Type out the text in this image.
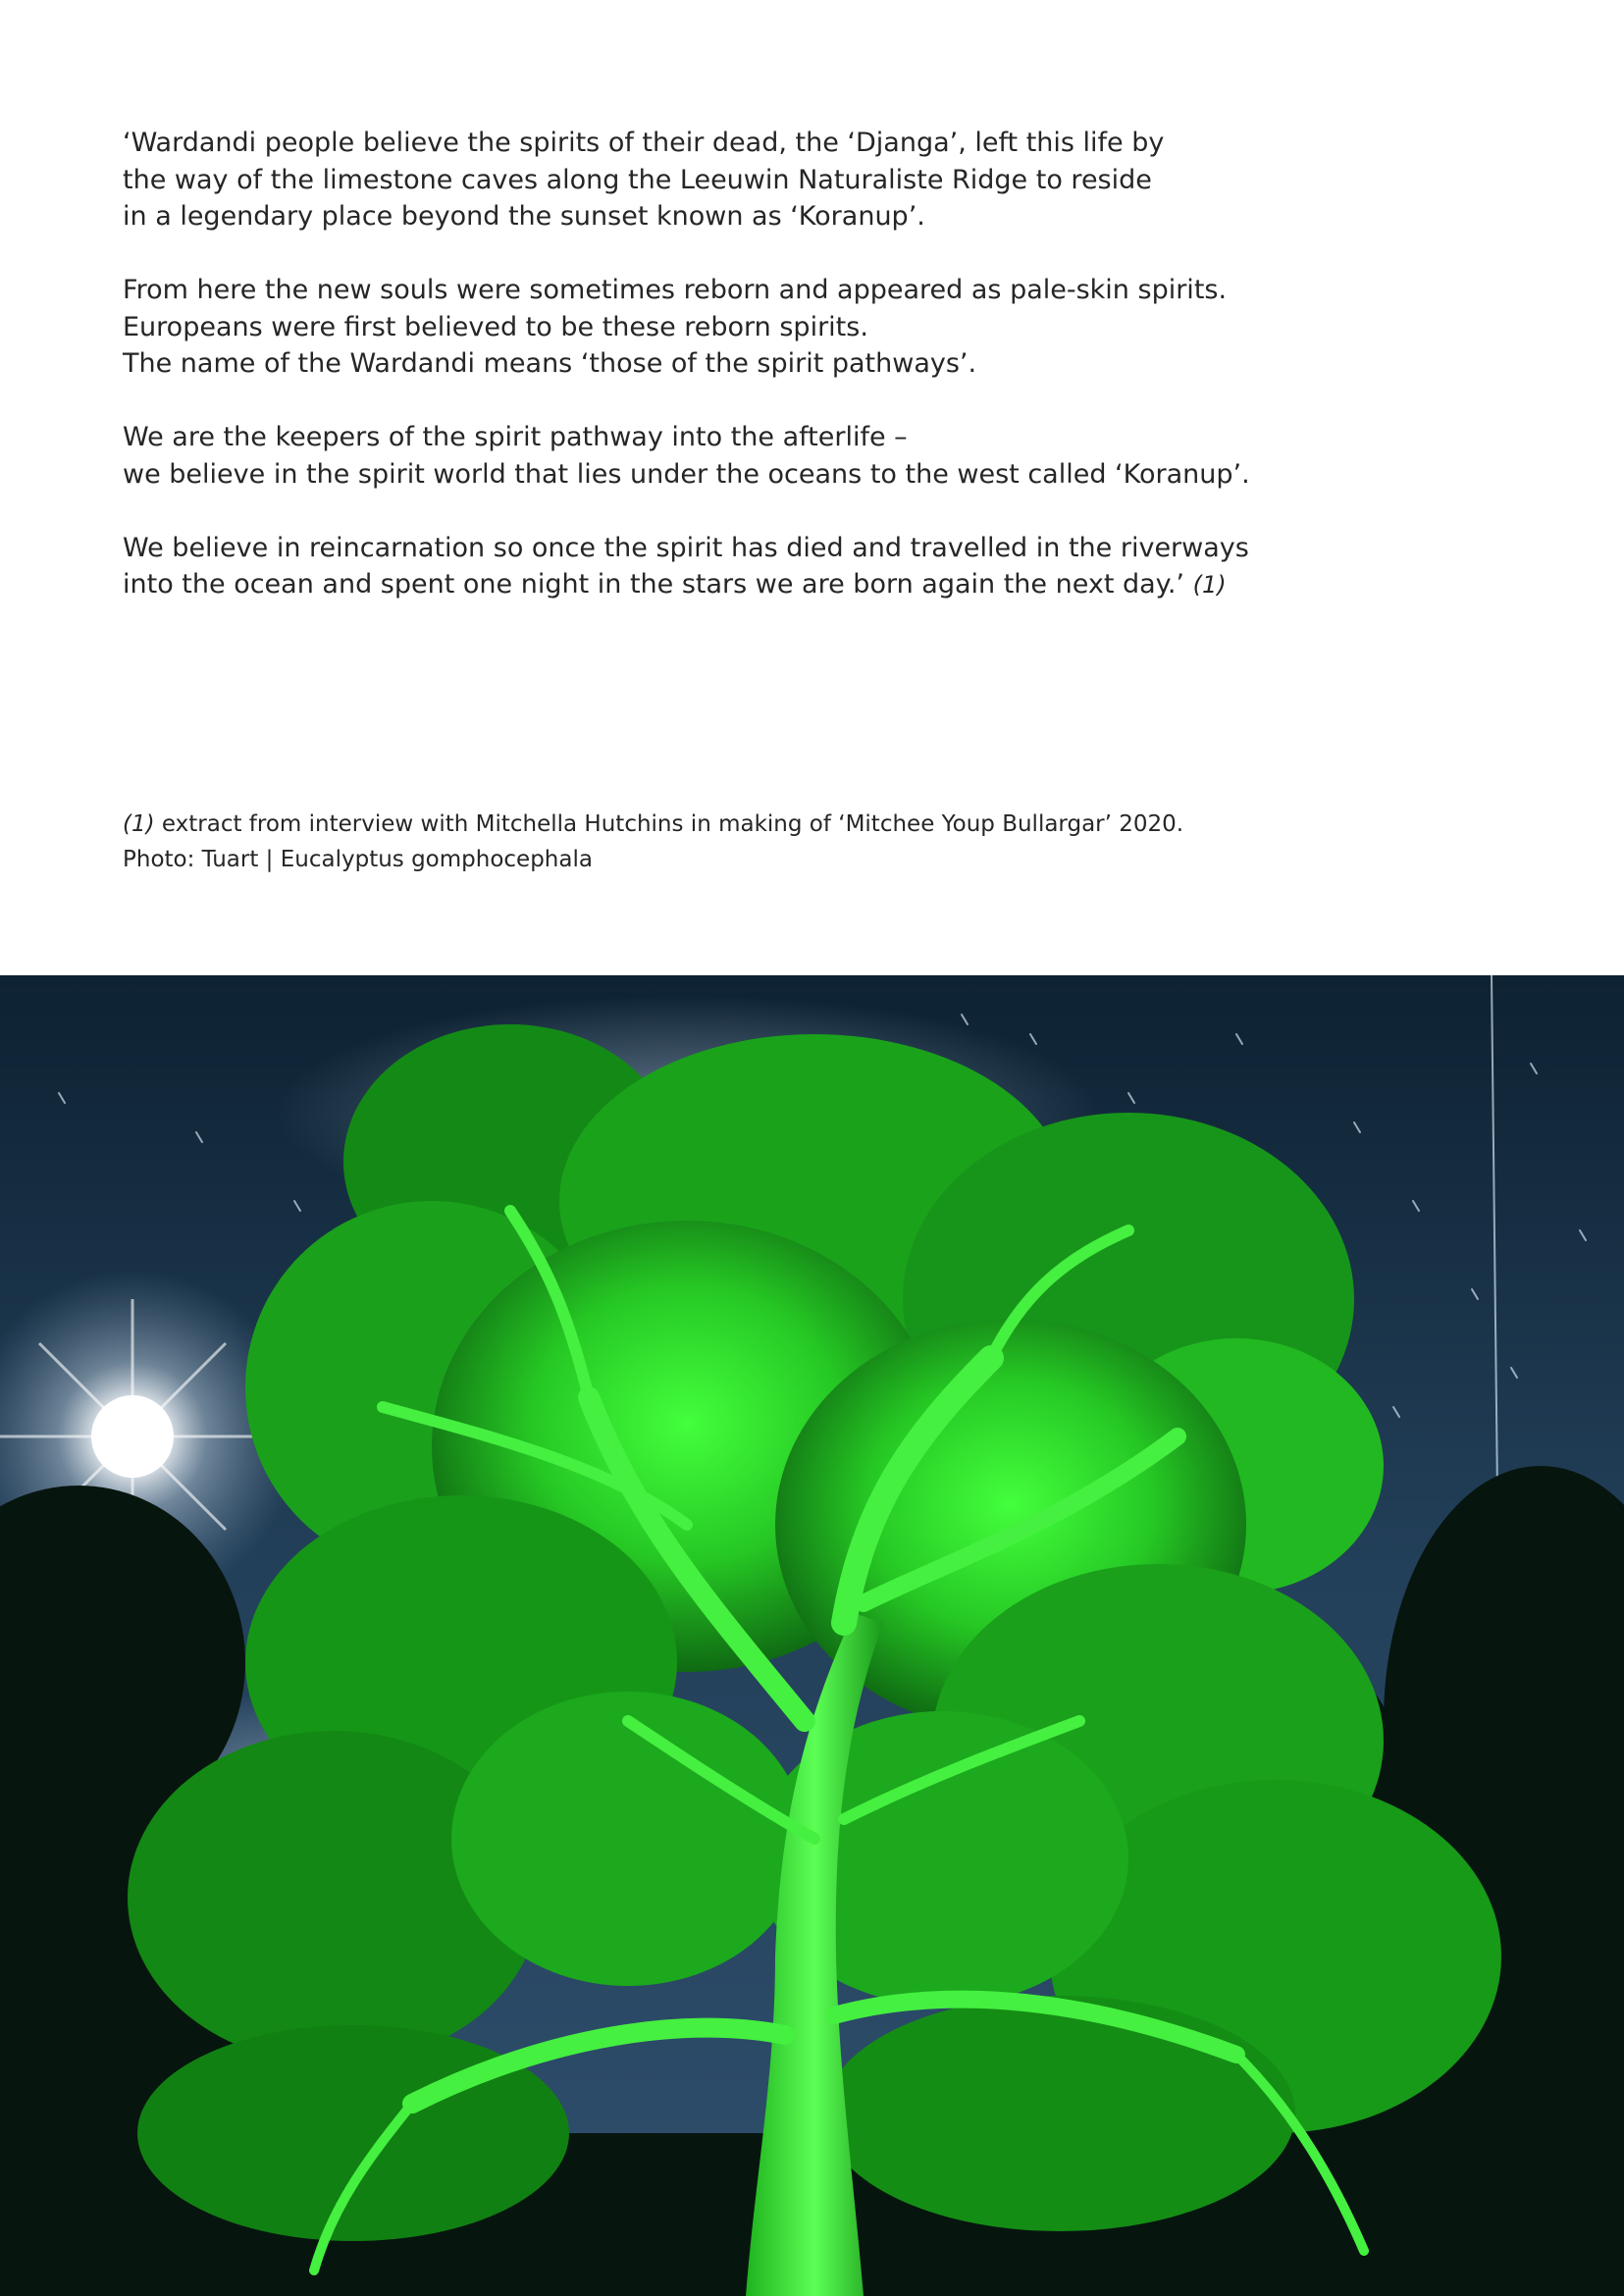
‘Wardandi people believe the spirits of their dead, the ‘Djanga’, left this life by
the way of the limestone caves along the Leeuwin Naturaliste Ridge to reside
in a legendary place beyond the sunset known as ‘Koranup’.

From here the new souls were sometimes reborn and appeared as pale-skin spirits.
Europeans were first believed to be these reborn spirits.
The name of the Wardandi means ‘those of the spirit pathways’.

We are the keepers of the spirit pathway into the afterlife –
we believe in the spirit world that lies under the oceans to the west called ‘Koranup’.

We believe in reincarnation so once the spirit has died and travelled in the riverways
into the ocean and spent one night in the stars we are born again the next day.’ (1)

(1) extract from interview with Mitchella Hutchins in making of ‘Mitchee Youp Bullargar’ 2020.
Photo: Tuart | Eucalyptus gomphocephala
